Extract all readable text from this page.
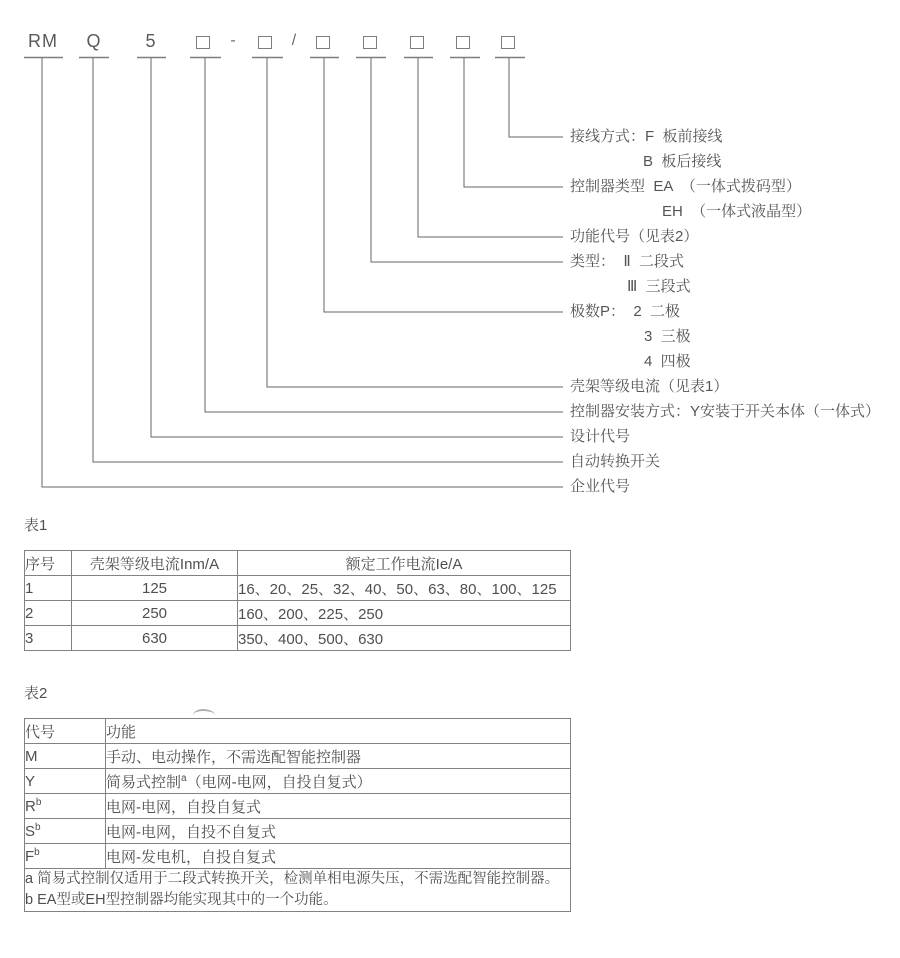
RM	Q	5	-	/
接线方式：F  板前接线
B  板后接线
控制器类型  EA  （一体式拨码型）
EH  （一体式液晶型）
功能代号（见表2）
类型：  Ⅱ  二段式
Ⅲ  三段式
极数P：  2  二极
3  三极
4  四极
壳架等级电流（见表1）
控制器安装方式：Y安装于开关本体（一体式）
设计代号
自动转换开关
企业代号
表1
序号	壳架等级电流Inm/A	额定工作电流Ie/A
1	125	16、20、25、32、40、50、63、80、100、125
2	250	160、200、225、250
3	630	350、400、500、630
表2
代号	功能
M	手动、电动操作，不需选配智能控制器
Y	简易式控制$^a$（电网-电网，自投自复式）
$R^b$	电网-电网，自投自复式
$S^b$	电网-电网，自投不自复式
$F^b$	电网-发电机，自投自复式

a 简易式控制仅适用于二段式转换开关，检测单相电源失压，不需选配智能控制器。
b EA型或EH型控制器均能实现其中的一个功能。	
